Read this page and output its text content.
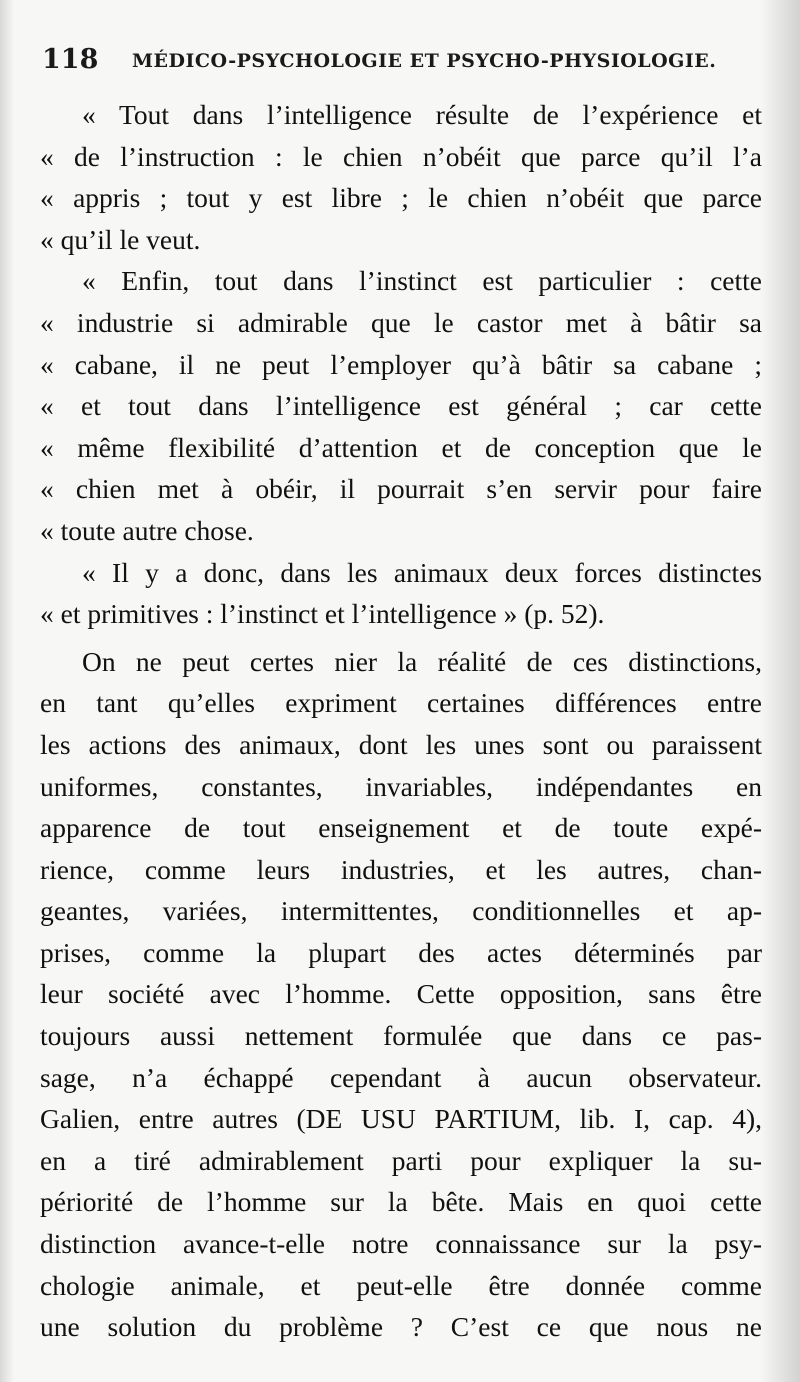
118 MÉDICO-PSYCHOLOGIE ET PSYCHO-PHYSIOLOGIE.
« Tout dans l’intelligence résulte de l’expérience et
« de l’instruction : le chien n’obéit que parce qu’il l’a
« appris ; tout y est libre ; le chien n’obéit que parce
« qu’il le veut.
« Enfin, tout dans l’instinct est particulier : cette
« industrie si admirable que le castor met à bâtir sa
« cabane, il ne peut l’employer qu’à bâtir sa cabane ;
« et tout dans l’intelligence est général ; car cette
« même flexibilité d’attention et de conception que le
« chien met à obéir, il pourrait s’en servir pour faire
« toute autre chose.
« Il y a donc, dans les animaux deux forces distinctes
« et primitives : l’instinct et l’intelligence » (p. 52).
On ne peut certes nier la réalité de ces distinctions,
en tant qu’elles expriment certaines différences entre
les actions des animaux, dont les unes sont ou paraissent
uniformes, constantes, invariables, indépendantes en
apparence de tout enseignement et de toute expé-
rience, comme leurs industries, et les autres, chan-
geantes, variées, intermittentes, conditionnelles et ap-
prises, comme la plupart des actes déterminés par
leur société avec l’homme. Cette opposition, sans être
toujours aussi nettement formulée que dans ce pas-
sage, n’a échappé cependant à aucun observateur.
Galien, entre autres (DE USU PARTIUM, lib. I, cap. 4),
en a tiré admirablement parti pour expliquer la su-
périorité de l’homme sur la bête. Mais en quoi cette
distinction avance-t-elle notre connaissance sur la psy-
chologie animale, et peut-elle être donnée comme
une solution du problème ? C’est ce que nous ne
